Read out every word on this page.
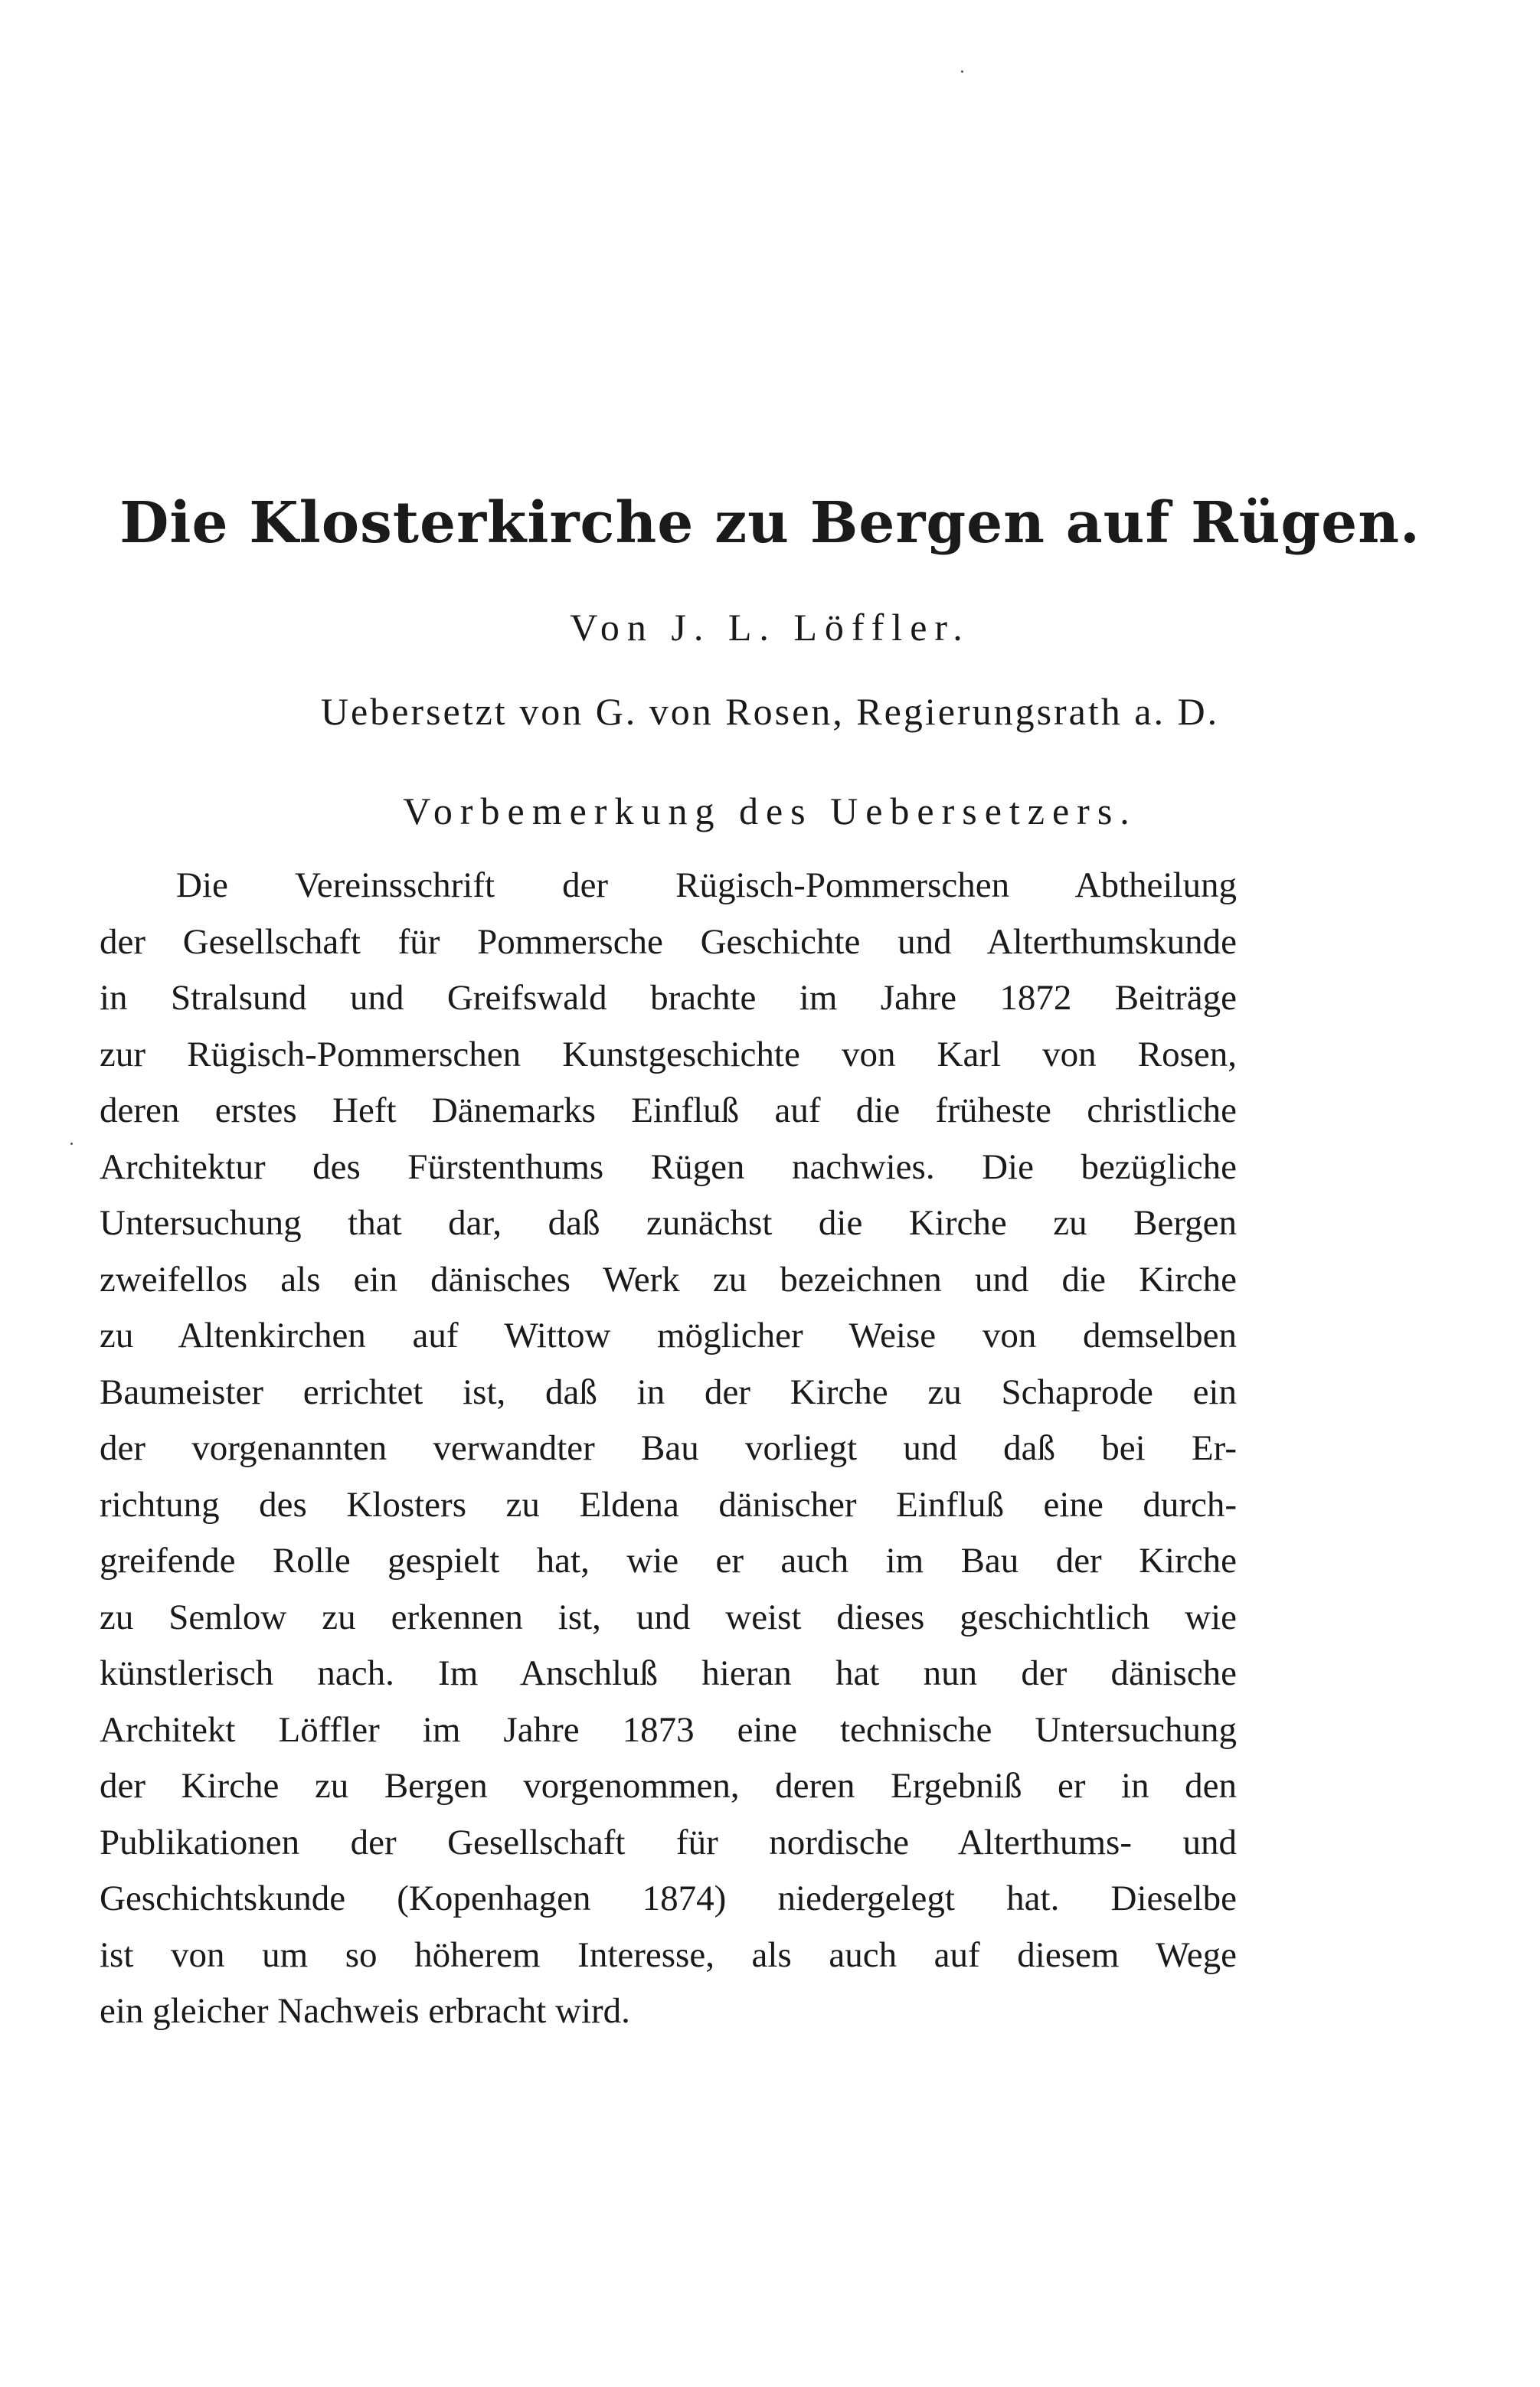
Die Klosterkirche zu Bergen auf Rügen.
Von J. L. Löffler.
Uebersetzt von G. von Rosen, Regierungsrath a. D.
Vorbemerkung des Uebersetzers.
Die Vereinsschrift der Rügisch-Pommerschen Abtheilung
der Gesellschaft für Pommersche Geschichte und Alterthumskunde
in Stralsund und Greifswald brachte im Jahre 1872 Beiträge
zur Rügisch-Pommerschen Kunstgeschichte von Karl von Rosen,
deren erstes Heft Dänemarks Einfluß auf die früheste christliche
Architektur des Fürstenthums Rügen nachwies. Die bezügliche
Untersuchung that dar, daß zunächst die Kirche zu Bergen
zweifellos als ein dänisches Werk zu bezeichnen und die Kirche
zu Altenkirchen auf Wittow möglicher Weise von demselben
Baumeister errichtet ist, daß in der Kirche zu Schaprode ein
der vorgenannten verwandter Bau vorliegt und daß bei Er-
richtung des Klosters zu Eldena dänischer Einfluß eine durch-
greifende Rolle gespielt hat, wie er auch im Bau der Kirche
zu Semlow zu erkennen ist, und weist dieses geschichtlich wie
künstlerisch nach. Im Anschluß hieran hat nun der dänische
Architekt Löffler im Jahre 1873 eine technische Untersuchung
der Kirche zu Bergen vorgenommen, deren Ergebniß er in den
Publikationen der Gesellschaft für nordische Alterthums- und
Geschichtskunde (Kopenhagen 1874) niedergelegt hat. Dieselbe
ist von um so höherem Interesse, als auch auf diesem Wege
ein gleicher Nachweis erbracht wird.
